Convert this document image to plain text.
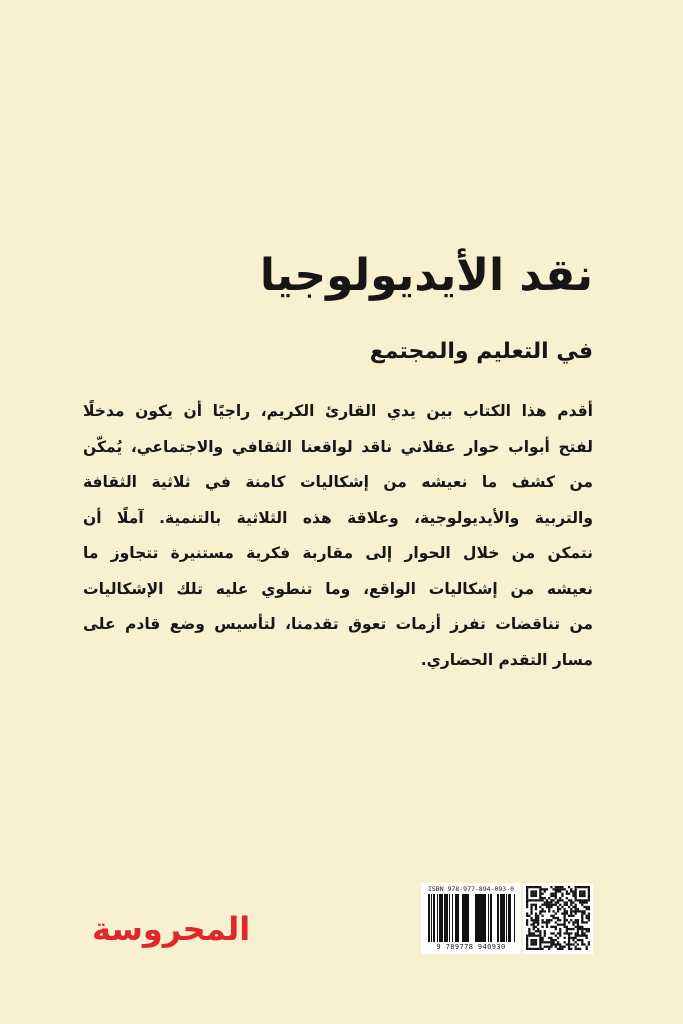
نقد الأيديولوجيا
في التعليم والمجتمع
أقدم هذا الكتاب بين يدي القارئ الكريم، راجيًا أن يكون مدخلًا
لفتح أبواب حوار عقلاني ناقد لواقعنا الثقافي والاجتماعي، يُمكّن
من كشف ما نعيشه من إشكاليات كامنة في ثلاثية الثقافة
والتربية والأيديولوجية، وعلاقة هذه الثلاثية بالتنمية. آملًا أن
نتمكن من خلال الحوار إلى مقاربة فكرية مستنيرة تتجاوز ما
نعيشه من إشكاليات الواقع، وما تنطوي عليه تلك الإشكاليات
من تناقضات تفرز أزمات تعوق تقدمنا، لتأسيس وضع قادم على
مسار التقدم الحضاري.
المحروسة
ISBN 978-977-894-093-0
9 789778 940930
